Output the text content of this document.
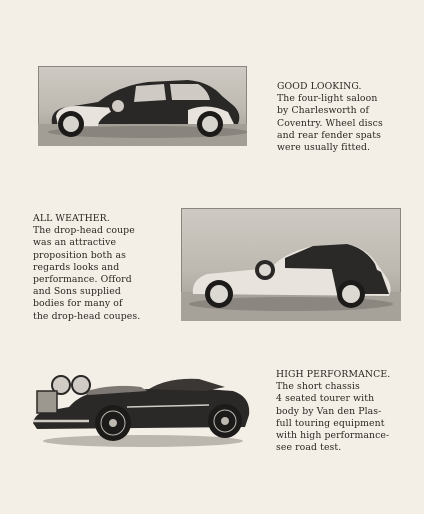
GOOD LOOKING.
The four-light saloon
by Charlesworth of
Coventry. Wheel discs
and rear fender spats
were usually fitted.

ALL WEATHER.
The drop-head coupe
was an attractive
proposition both as
regards looks and
performance. Offord
and Sons supplied
bodies for many of
the drop-head coupes.

HIGH PERFORMANCE.
The short chassis
4 seated tourer with
body by Van den Plas-
full touring equipment
with high performance-
see road test.
